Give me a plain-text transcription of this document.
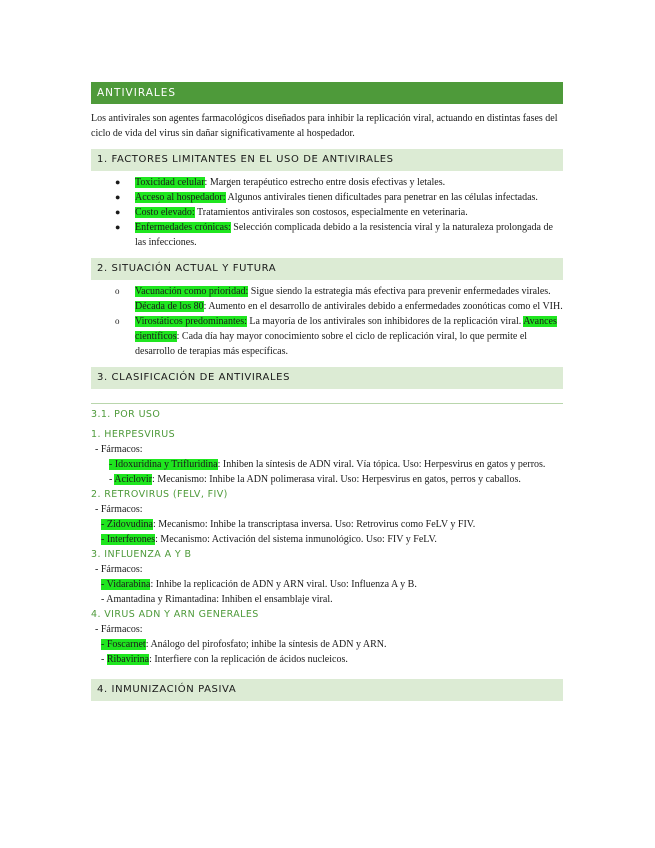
ANTIVIRALES

Los antivirales son agentes farmacológicos diseñados para inhibir la replicación viral, actuando en distintas fases del ciclo de vida del virus sin dañar significativamente al hospedador.

1. FACTORES LIMITANTES EN EL USO DE ANTIVIRALES
● Toxicidad celular: Margen terapéutico estrecho entre dosis efectivas y letales.
● Acceso al hospedador: Algunos antivirales tienen dificultades para penetrar en las células infectadas.
● Costo elevado: Tratamientos antivirales son costosos, especialmente en veterinaria.
● Enfermedades crónicas: Selección complicada debido a la resistencia viral y la naturaleza prolongada de las infecciones.
2. SITUACIÓN ACTUAL Y FUTURA
o Vacunación como prioridad: Sigue siendo la estrategia más efectiva para prevenir enfermedades virales. Década de los 80: Aumento en el desarrollo de antivirales debido a enfermedades zoonóticas como el VIH.
o Virostáticos predominantes: La mayoría de los antivirales son inhibidores de la replicación viral. Avances científicos: Cada día hay mayor conocimiento sobre el ciclo de replicación viral, lo que permite el desarrollo de terapias más específicas.
3. CLASIFICACIÓN DE ANTIVIRALES
3.1. POR USO
1. HERPESVIRUS
- Fármacos:
- Idoxuridina y Trifluridina: Inhiben la síntesis de ADN viral. Vía tópica. Uso: Herpesvirus en gatos y perros.
- Aciclovir: Mecanismo: Inhibe la ADN polimerasa viral. Uso: Herpesvirus en gatos, perros y caballos.
2. RETROVIRUS (FELV, FIV)
- Fármacos:
- Zidovudina: Mecanismo: Inhibe la transcriptasa inversa. Uso: Retrovirus como FeLV y FIV.
- Interferones: Mecanismo: Activación del sistema inmunológico. Uso: FIV y FeLV.
3. INFLUENZA A Y B
- Fármacos:
- Vidarabina: Inhibe la replicación de ADN y ARN viral. Uso: Influenza A y B.
- Amantadina y Rimantadina: Inhiben el ensamblaje viral.
4. VIRUS ADN Y ARN GENERALES
- Fármacos:
- Foscarnet: Análogo del pirofosfato; inhibe la síntesis de ADN y ARN.
- Ribavirina: Interfiere con la replicación de ácidos nucleicos.
4. INMUNIZACIÓN PASIVA
